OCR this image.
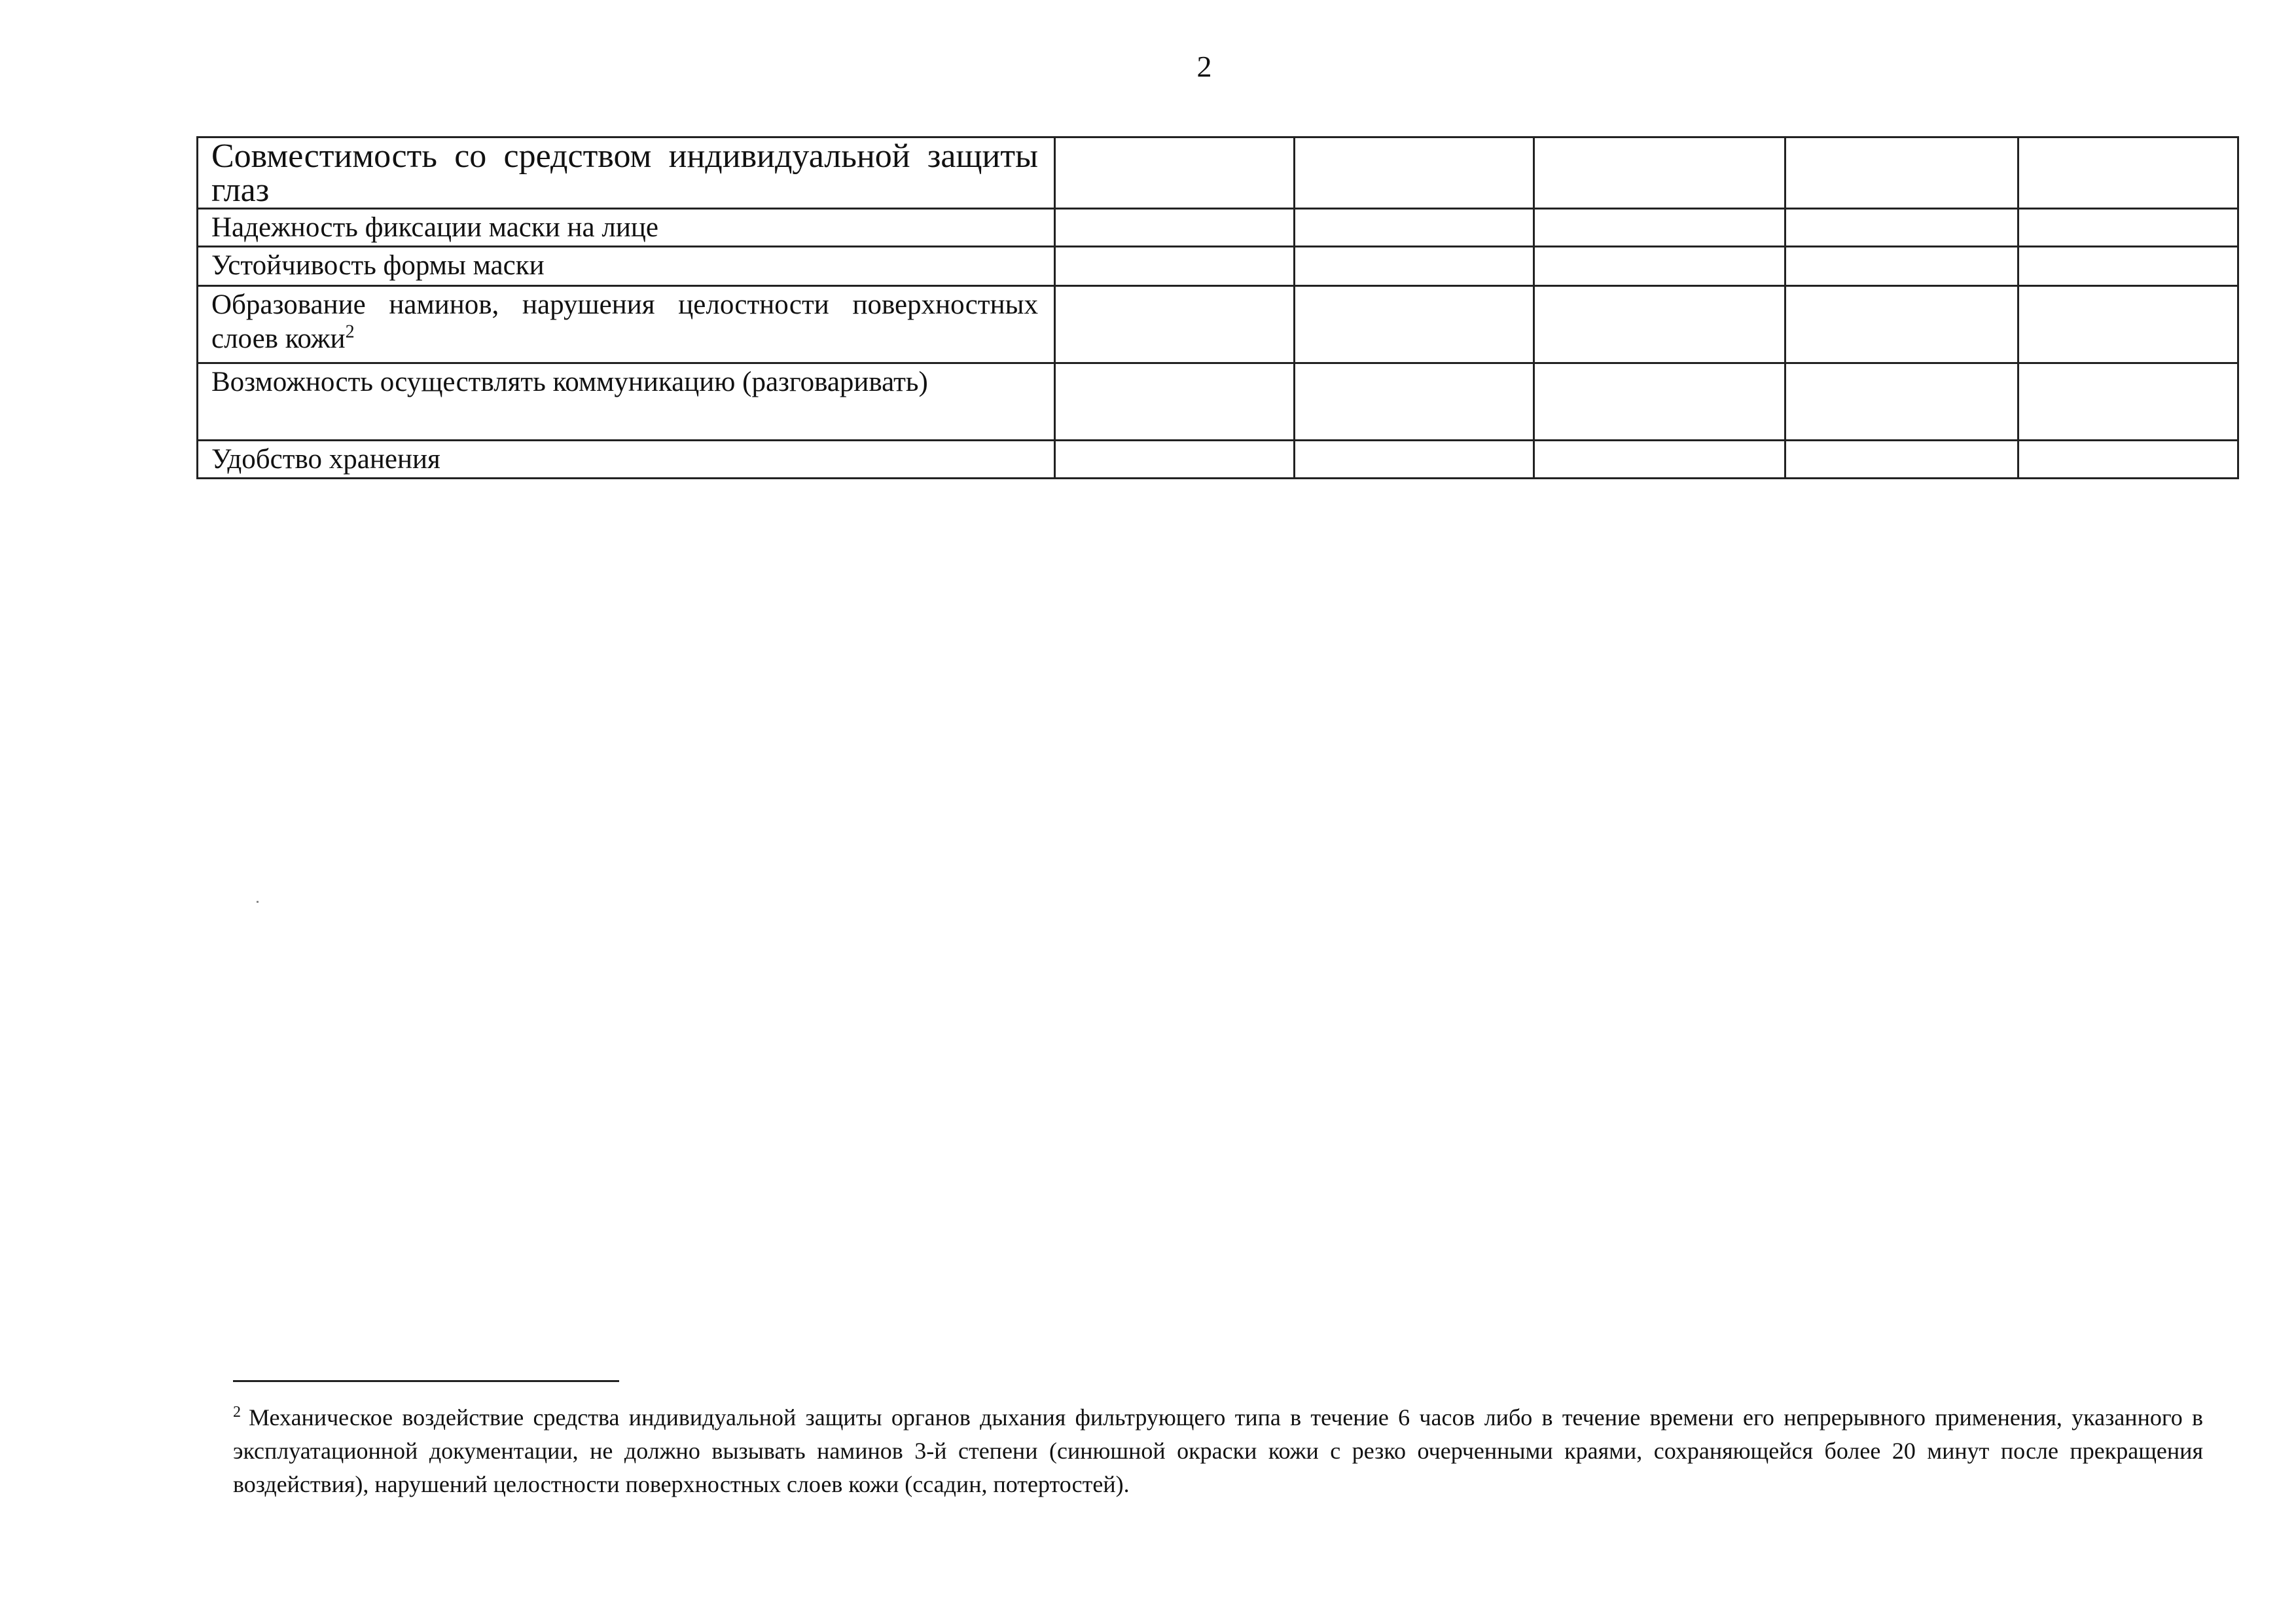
2
Совместимость со средством индивидуальной защиты глаз					
Надежность фиксации маски на лице					
Устойчивость формы маски					
Образование наминов, нарушения целостности поверхностных слоев кожи$^2$					
Возможность осуществлять коммуникацию (разговаривать)					
Удобство хранения					
$^2$ Механическое воздействие средства индивидуальной защиты органов дыхания фильтрующего типа в течение 6 часов либо в течение времени его непрерывного применения, указанного в эксплуатационной документации, не должно вызывать наминов 3-й степени (синюшной окраски кожи с резко очерченными краями, сохраняющейся более 20 минут после прекращения воздействия), нарушений целостности поверхностных слоев кожи (ссадин, потертостей).
